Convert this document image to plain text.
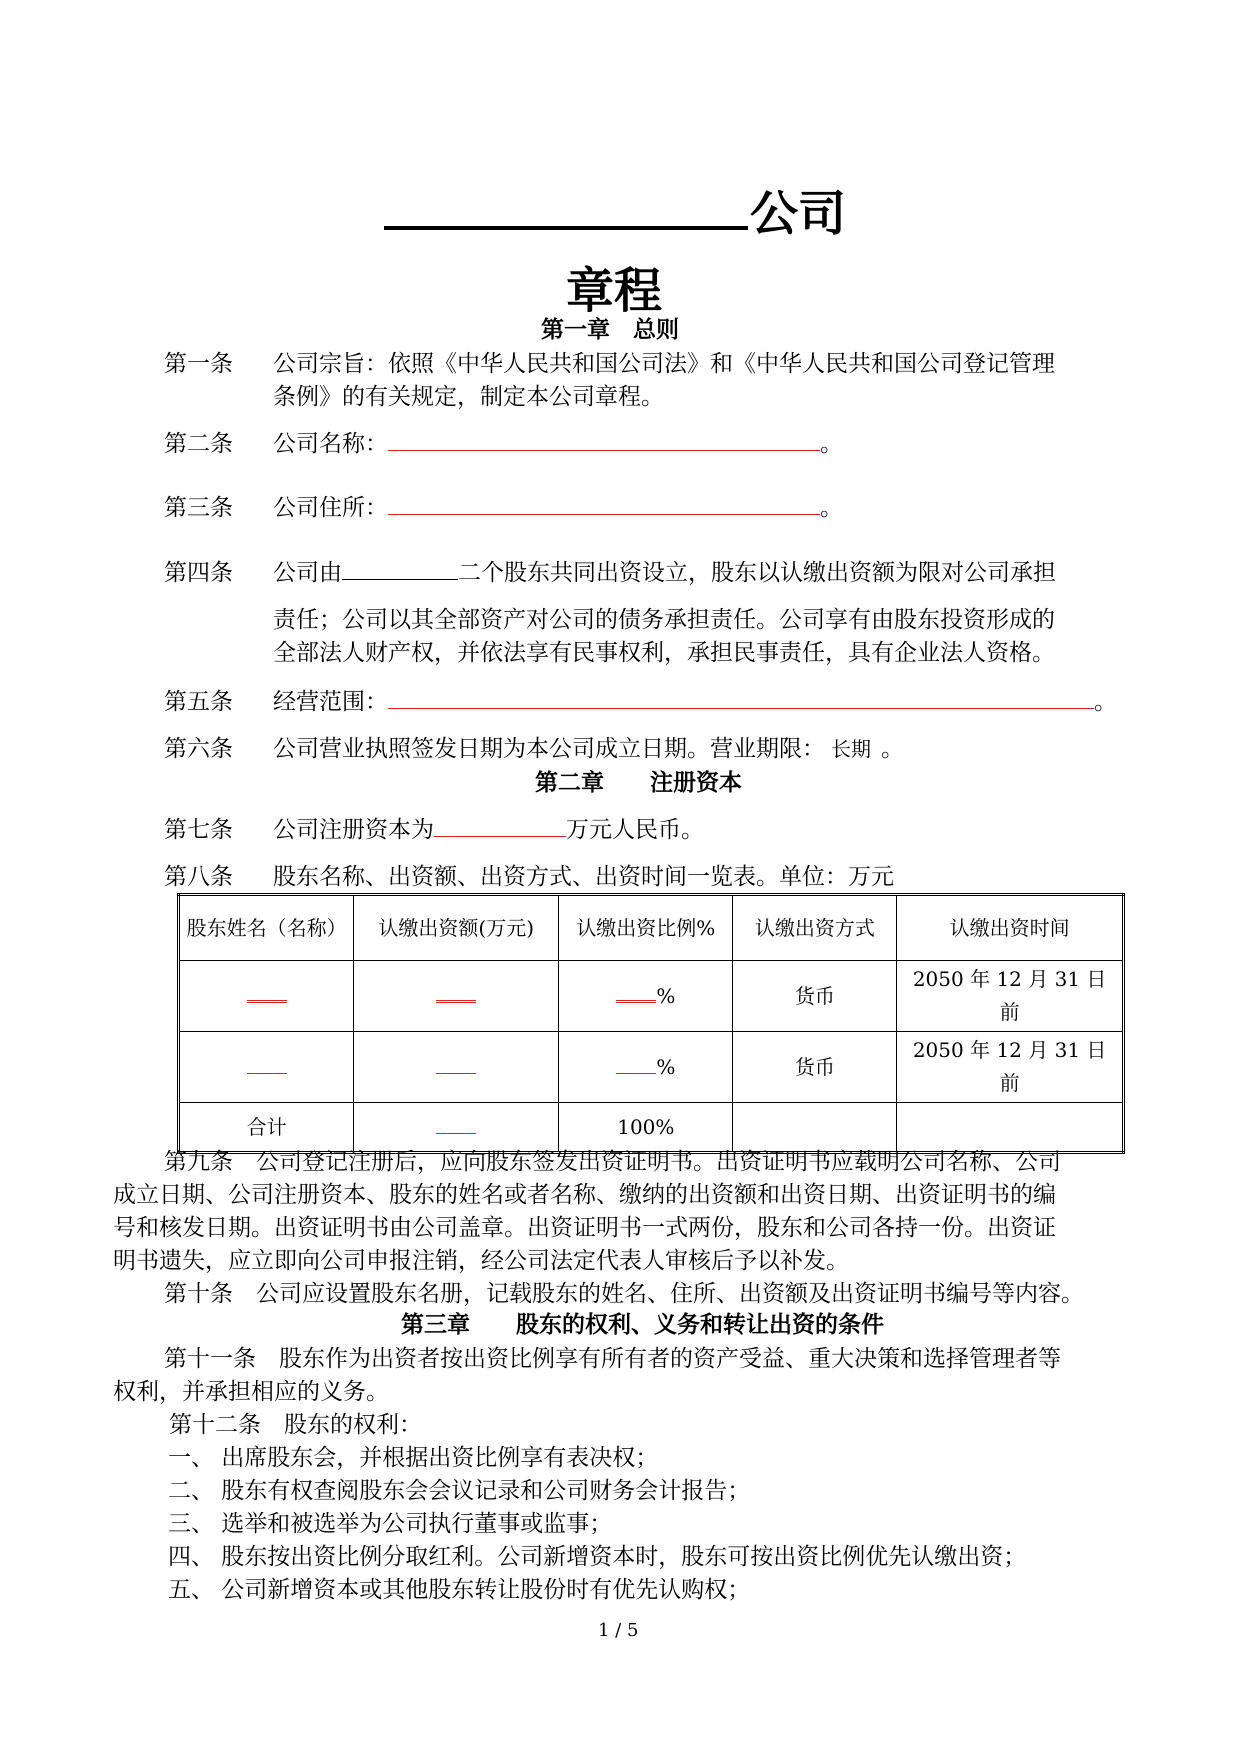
公司
章程
第一章　总则
第一条 公司宗旨：依照《中华人民共和国公司法》和《中华人民共和国公司登记管理
条例》的有关规定，制定本公司章程。
第二条 公司名称：	。
第三条 公司住所：	。
第四条 公司由	二个股东共同出资设立，股东以认缴出资额为限对公司承担
责任；公司以其全部资产对公司的债务承担责任。公司享有由股东投资形成的
全部法人财产权，并依法享有民事权利，承担民事责任，具有企业法人资格。
第五条 经营范围：	。
第六条 公司营业执照签发日期为本公司成立日期。营业期限： 长期 。
第二章　　注册资本
第七条 公司注册资本为	万元人民币。
第八条 股东名称、出资额、出资方式、出资时间一览表。单位：万元
股东姓名（名称）	认缴出资额(万元)	认缴出资比例%	认缴出资方式	认缴出资时间
		%	货币	2050 年 12 月 31 日
前
		%	货币	2050 年 12 月 31 日
前
合计		100%		
第九条　公司登记注册后，应向股东签发出资证明书。出资证明书应载明公司名称、公司
成立日期、公司注册资本、股东的姓名或者名称、缴纳的出资额和出资日期、出资证明书的编
号和核发日期。出资证明书由公司盖章。出资证明书一式两份，股东和公司各持一份。出资证
明书遗失，应立即向公司申报注销，经公司法定代表人审核后予以补发。
第十条　公司应设置股东名册，记载股东的姓名、住所、出资额及出资证明书编号等内容。
第三章　　股东的权利、义务和转让出资的条件
第十一条　股东作为出资者按出资比例享有所有者的资产受益、重大决策和选择管理者等
权利，并承担相应的义务。
第十二条　股东的权利：
一、 出席股东会，并根据出资比例享有表决权；
二、 股东有权查阅股东会会议记录和公司财务会计报告；
三、 选举和被选举为公司执行董事或监事；
四、 股东按出资比例分取红利。公司新增资本时，股东可按出资比例优先认缴出资；
五、 公司新增资本或其他股东转让股份时有优先认购权；
1 / 5
